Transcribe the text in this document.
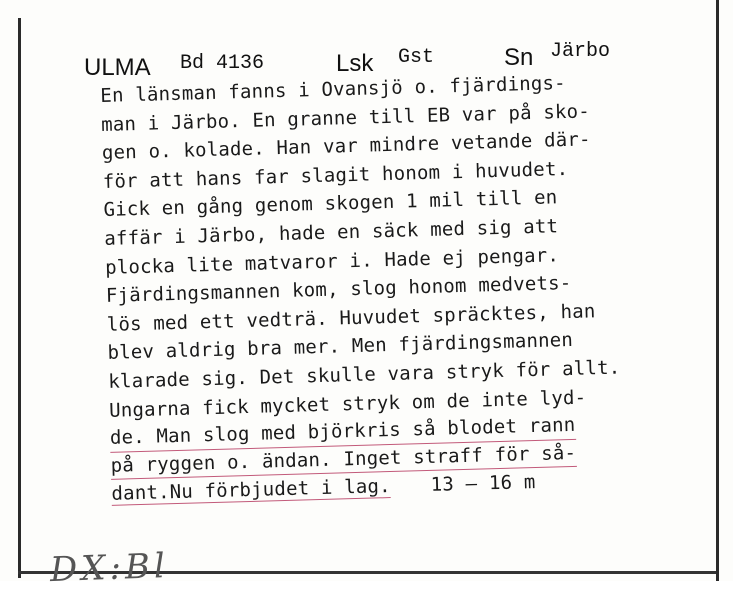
ULMA Bd 4136	Lsk Gst	Sn Järbo
En länsman fanns i Ovansjö o. fjärdings-
man i Järbo. En granne till EB var på sko-
gen o. kolade. Han var mindre vetande där-
för att hans far slagit honom i huvudet.
Gick en gång genom skogen 1 mil till en
affär i Järbo, hade en säck med sig att
plocka lite matvaror i. Hade ej pengar.
Fjärdingsmannen kom, slog honom medvets-
lös med ett vedträ. Huvudet spräcktes, han
blev aldrig bra mer. Men fjärdingsmannen
klarade sig. Det skulle vara stryk för allt.
Ungarna fick mycket stryk om de inte lyd-
de. Man slog med björkris så blodet rann på ryggen o. ändan. Inget straff för så-
dant.Nu förbjudet i lag. 13 – 16 m
DX:Bl
